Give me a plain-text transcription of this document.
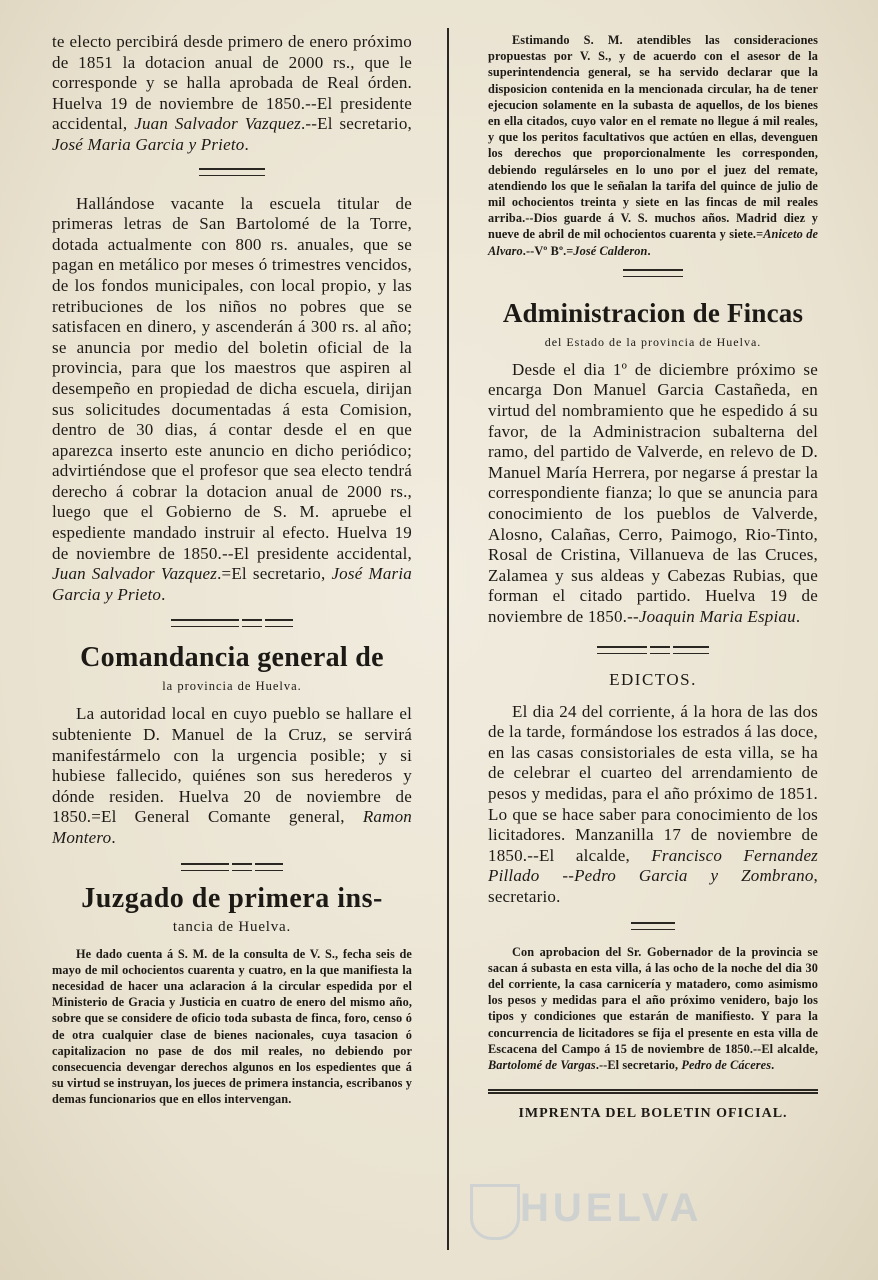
te electo percibirá desde primero de enero próximo de 1851 la dotacion anual de 2000 rs., que le corresponde y se halla aprobada de Real órden. Huelva 19 de noviembre de 1850.--El presidente accidental, Juan Salvador Vazquez.--El secretario, José Maria Garcia y Prieto.

Hallándose vacante la escuela titular de primeras letras de San Bartolomé de la Torre, dotada actualmente con 800 rs. anuales, que se pagan en metálico por meses ó trimestres vencidos, de los fondos municipales, con local propio, y las retribuciones de los niños no pobres que se satisfacen en dinero, y ascenderán á 300 rs. al año; se anuncia por medio del boletin oficial de la provincia, para que los maestros que aspiren al desempeño en propiedad de dicha escuela, dirijan sus solicitudes documentadas á esta Comision, dentro de 30 dias, á contar desde el en que aparezca inserto este anuncio en dicho periódico; advirtiéndose que el profesor que sea electo tendrá derecho á cobrar la dotacion anual de 2000 rs., luego que el Gobierno de S. M. apruebe el espediente mandado instruir al efecto. Huelva 19 de noviembre de 1850.--El presidente accidental, Juan Salvador Vazquez.=El secretario, José Maria Garcia y Prieto.

Comandancia general de
la provincia de Huelva.

La autoridad local en cuyo pueblo se hallare el subteniente D. Manuel de la Cruz, se servirá manifestármelo con la urgencia posible; y si hubiese fallecido, quiénes son sus herederos y dónde residen. Huelva 20 de noviembre de 1850.=El General Comante general, Ramon Montero.

Juzgado de primera ins-
tancia de Huelva.

He dado cuenta á S. M. de la consulta de V. S., fecha seis de mayo de mil ochocientos cuarenta y cuatro, en la que manifiesta la necesidad de hacer una aclaracion á la circular espedida por el Ministerio de Gracia y Justicia en cuatro de enero del mismo año, sobre que se considere de oficio toda subasta de finca, foro, censo ó de otra cualquier clase de bienes nacionales, cuya tasacion ó capitalizacion no pase de dos mil reales, no debiendo por consecuencia devengar derechos algunos en los espedientes que á su virtud se instruyan, los jueces de primera instancia, escribanos y demas funcionarios que en ellos intervengan.

Estimando S. M. atendibles las consideraciones propuestas por V. S., y de acuerdo con el asesor de la superintendencia general, se ha servido declarar que la disposicion contenida en la mencionada circular, ha de tener ejecucion solamente en la subasta de aquellos, de los bienes en ella citados, cuyo valor en el remate no llegue á mil reales, y que los peritos facultativos que actúen en ellas, devenguen los derechos que proporcionalmente les corresponden, debiendo regulárseles en lo uno por el juez del remate, atendiendo los que le señalan la tarifa del quince de julio de mil ochocientos treinta y siete en las fincas de mil reales arriba.--Dios guarde á V. S. muchos años. Madrid diez y nueve de abril de mil ochocientos cuarenta y siete.=Aniceto de Alvaro.--Vº Bº.=José Calderon.

Administracion de Fincas
del Estado de la provincia de Huelva.

Desde el dia 1º de diciembre próximo se encarga Don Manuel Garcia Castañeda, en virtud del nombramiento que he espedido á su favor, de la Administracion subalterna del ramo, del partido de Valverde, en relevo de D. Manuel María Herrera, por negarse á prestar la correspondiente fianza; lo que se anuncia para conocimiento de los pueblos de Valverde, Alosno, Calañas, Cerro, Paimogo, Rio-Tinto, Rosal de Cristina, Villanueva de las Cruces, Zalamea y sus aldeas y Cabezas Rubias, que forman el citado partido. Huelva 19 de noviembre de 1850.--Joaquin Maria Espiau.

EDICTOS.

El dia 24 del corriente, á la hora de las dos de la tarde, formándose los estrados á las doce, en las casas consistoriales de esta villa, se ha de celebrar el cuarteo del arrendamiento de pesos y medidas, para el año próximo de 1851. Lo que se hace saber para conocimiento de los licitadores. Manzanilla 17 de noviembre de 1850.--El alcalde, Francisco Fernandez Pillado --Pedro Garcia y Zombrano, secretario.

Con aprobacion del Sr. Gobernador de la provincia se sacan á subasta en esta villa, á las ocho de la noche del dia 30 del corriente, la casa carnicería y matadero, como asimismo los pesos y medidas para el año próximo venidero, bajo los tipos y condiciones que estarán de manifiesto. Y para la concurrencia de licitadores se fija el presente en esta villa de Escacena del Campo á 15 de noviembre de 1850.--El alcalde, Bartolomé de Vargas.--El secretario, Pedro de Cáceres.

IMPRENTA DEL BOLETIN OFICIAL.
HUELVA
